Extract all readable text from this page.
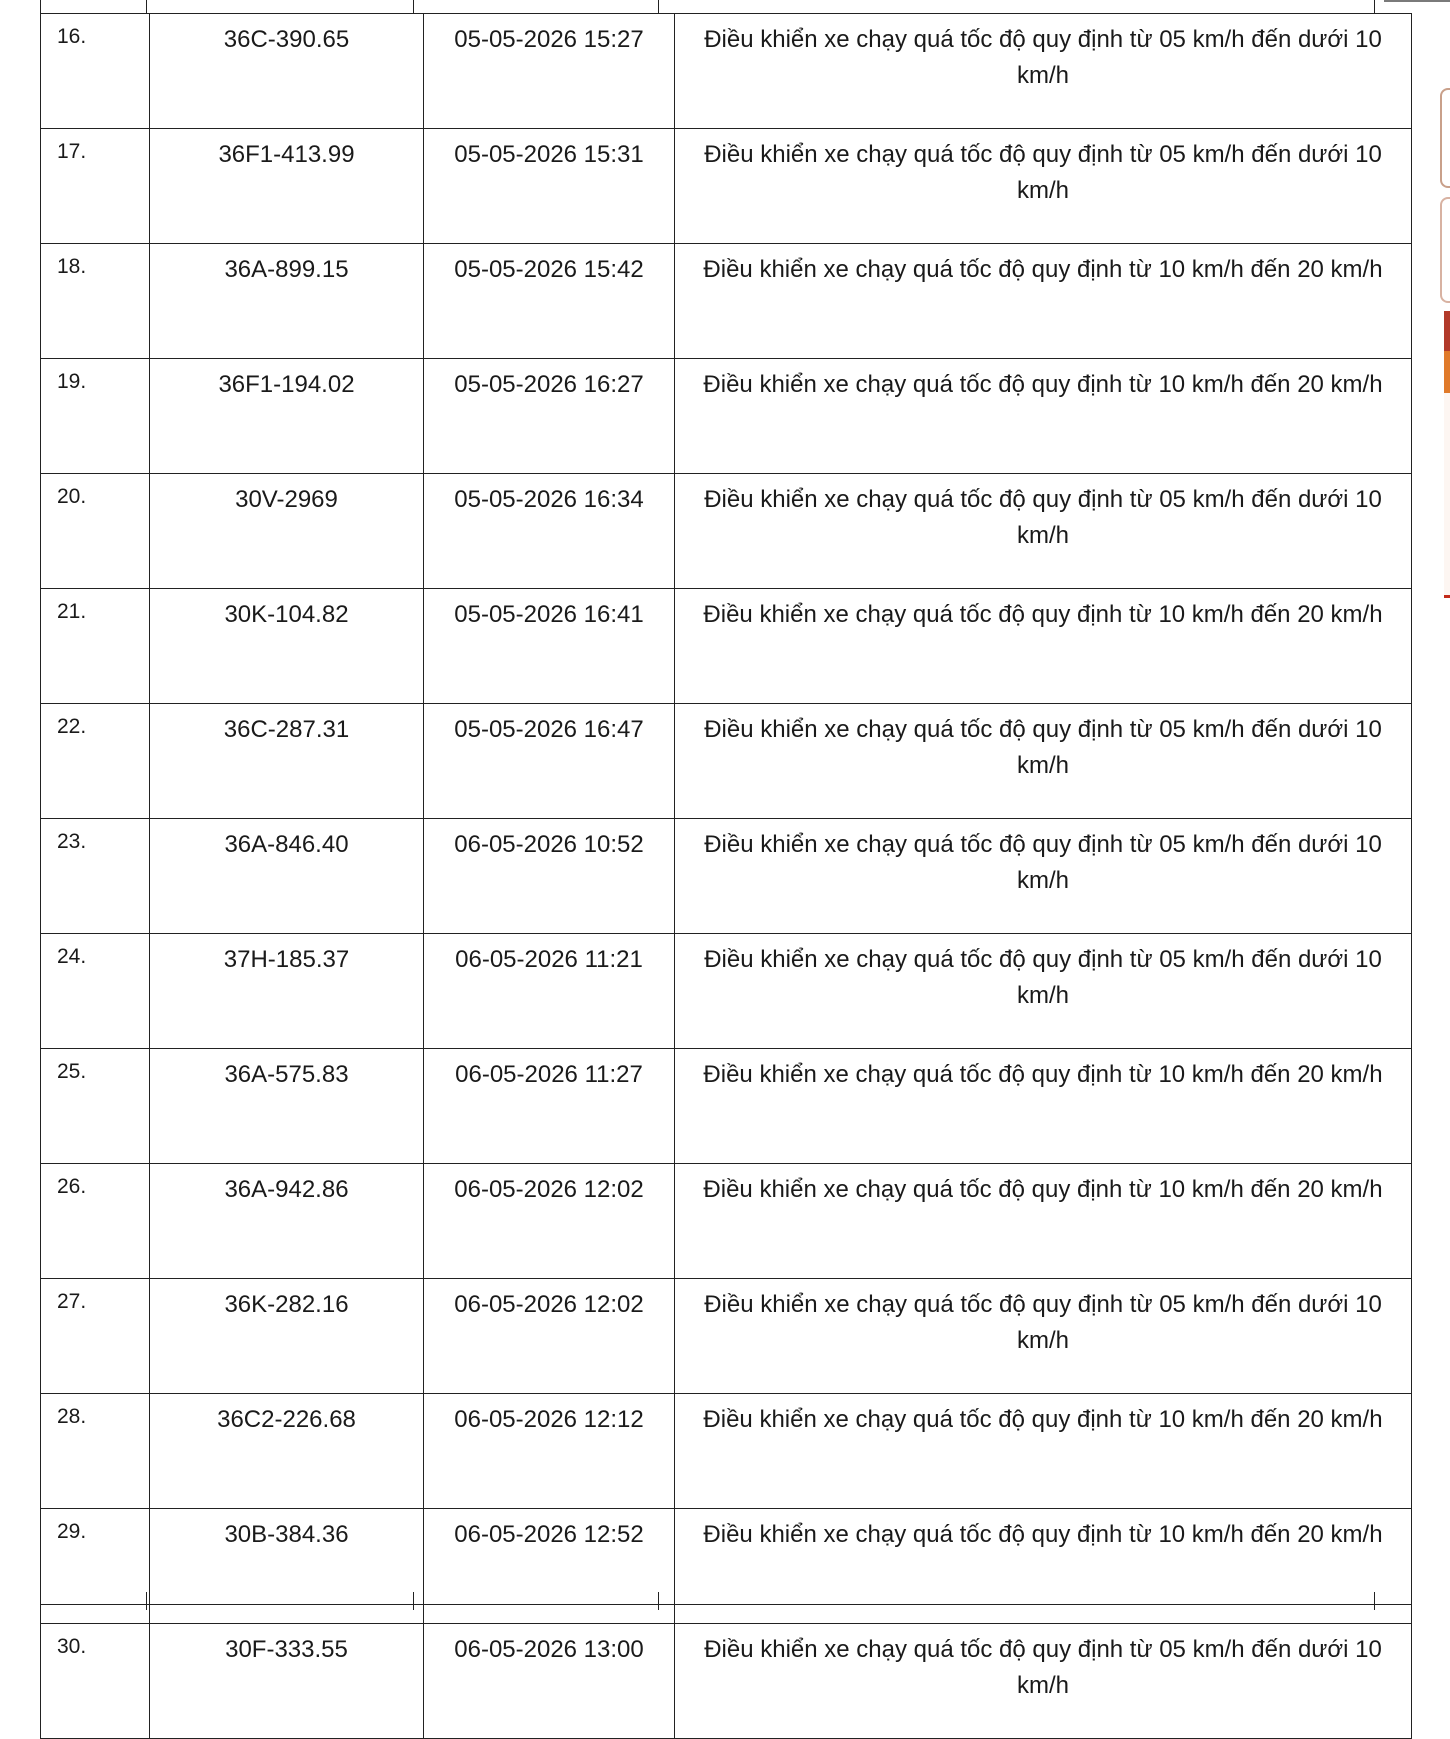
16.	36C-390.65	05-05-2026 15:27	Điều khiển xe chạy quá tốc độ quy định từ 05 km/h đến dưới 10 km/h
17.	36F1-413.99	05-05-2026 15:31	Điều khiển xe chạy quá tốc độ quy định từ 05 km/h đến dưới 10 km/h
18.	36A-899.15	05-05-2026 15:42	Điều khiển xe chạy quá tốc độ quy định từ 10 km/h đến 20 km/h
19.	36F1-194.02	05-05-2026 16:27	Điều khiển xe chạy quá tốc độ quy định từ 10 km/h đến 20 km/h
20.	30V-2969	05-05-2026 16:34	Điều khiển xe chạy quá tốc độ quy định từ 05 km/h đến dưới 10 km/h
21.	30K-104.82	05-05-2026 16:41	Điều khiển xe chạy quá tốc độ quy định từ 10 km/h đến 20 km/h
22.	36C-287.31	05-05-2026 16:47	Điều khiển xe chạy quá tốc độ quy định từ 05 km/h đến dưới 10 km/h
23.	36A-846.40	06-05-2026 10:52	Điều khiển xe chạy quá tốc độ quy định từ 05 km/h đến dưới 10 km/h
24.	37H-185.37	06-05-2026 11:21	Điều khiển xe chạy quá tốc độ quy định từ 05 km/h đến dưới 10 km/h
25.	36A-575.83	06-05-2026 11:27	Điều khiển xe chạy quá tốc độ quy định từ 10 km/h đến 20 km/h
26.	36A-942.86	06-05-2026 12:02	Điều khiển xe chạy quá tốc độ quy định từ 10 km/h đến 20 km/h
27.	36K-282.16	06-05-2026 12:02	Điều khiển xe chạy quá tốc độ quy định từ 05 km/h đến dưới 10 km/h
28.	36C2-226.68	06-05-2026 12:12	Điều khiển xe chạy quá tốc độ quy định từ 10 km/h đến 20 km/h
29.	30B-384.36	06-05-2026 12:52	Điều khiển xe chạy quá tốc độ quy định từ 10 km/h đến 20 km/h
30.	30F-333.55	06-05-2026 13:00	Điều khiển xe chạy quá tốc độ quy định từ 05 km/h đến dưới 10 km/h
